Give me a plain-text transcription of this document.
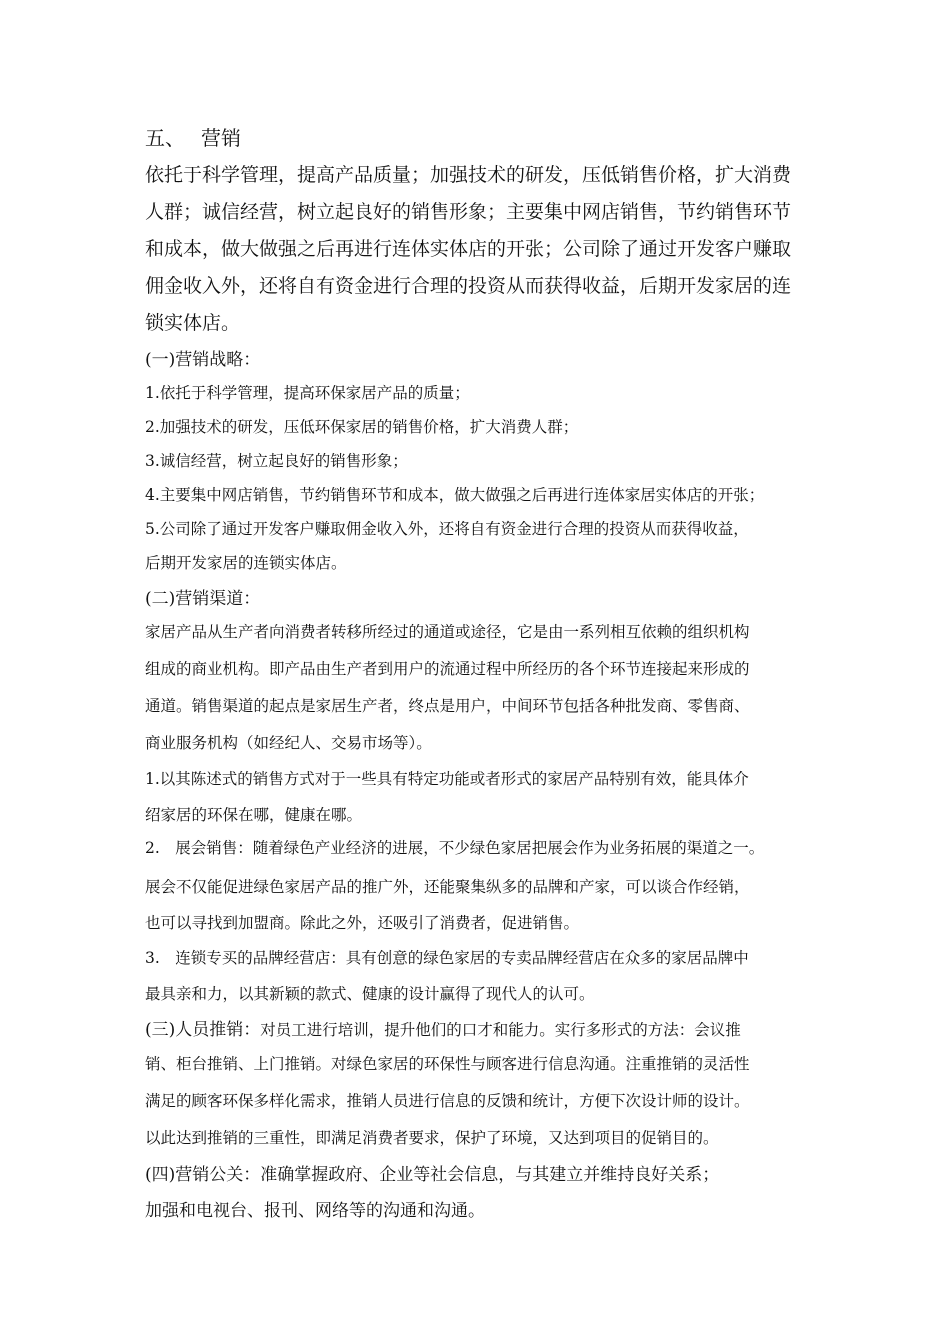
五、 营销
依托于科学管理，提高产品质量；加强技术的研发，压低销售价格，扩大消费
人群；诚信经营，树立起良好的销售形象；主要集中网店销售，节约销售环节
和成本，做大做强之后再进行连体实体店的开张；公司除了通过开发客户赚取
佣金收入外，还将自有资金进行合理的投资从而获得收益，后期开发家居的连
锁实体店。
(一)营销战略：
1.依托于科学管理，提高环保家居产品的质量；
2.加强技术的研发，压低环保家居的销售价格，扩大消费人群；
3.诚信经营，树立起良好的销售形象；
4.主要集中网店销售，节约销售环节和成本，做大做强之后再进行连体家居实体店的开张；
5.公司除了通过开发客户赚取佣金收入外，还将自有资金进行合理的投资从而获得收益，
后期开发家居的连锁实体店。
(二)营销渠道：
家居产品从生产者向消费者转移所经过的通道或途径，它是由一系列相互依赖的组织机构
组成的商业机构。即产品由生产者到用户的流通过程中所经历的各个环节连接起来形成的
通道。销售渠道的起点是家居生产者，终点是用户，中间环节包括各种批发商、零售商、
商业服务机构（如经纪人、交易市场等）。
1.以其陈述式的销售方式对于一些具有特定功能或者形式的家居产品特别有效，能具体介
绍家居的环保在哪，健康在哪。
2.　展会销售：随着绿色产业经济的进展，不少绿色家居把展会作为业务拓展的渠道之一。
展会不仅能促进绿色家居产品的推广外，还能聚集纵多的品牌和产家，可以谈合作经销，
也可以寻找到加盟商。除此之外，还吸引了消费者，促进销售。
3.　连锁专买的品牌经营店：具有创意的绿色家居的专卖品牌经营店在众多的家居品牌中
最具亲和力，以其新颖的款式、健康的设计赢得了现代人的认可。
(三)人员推销：对员工进行培训，提升他们的口才和能力。实行多形式的方法：会议推
销、柜台推销、上门推销。对绿色家居的环保性与顾客进行信息沟通。注重推销的灵活性
满足的顾客环保多样化需求，推销人员进行信息的反馈和统计，方便下次设计师的设计。
以此达到推销的三重性，即满足消费者要求，保护了环境，又达到项目的促销目的。
(四)营销公关：准确掌握政府、企业等社会信息，与其建立并维持良好关系；
加强和电视台、报刊、网络等的沟通和沟通。
